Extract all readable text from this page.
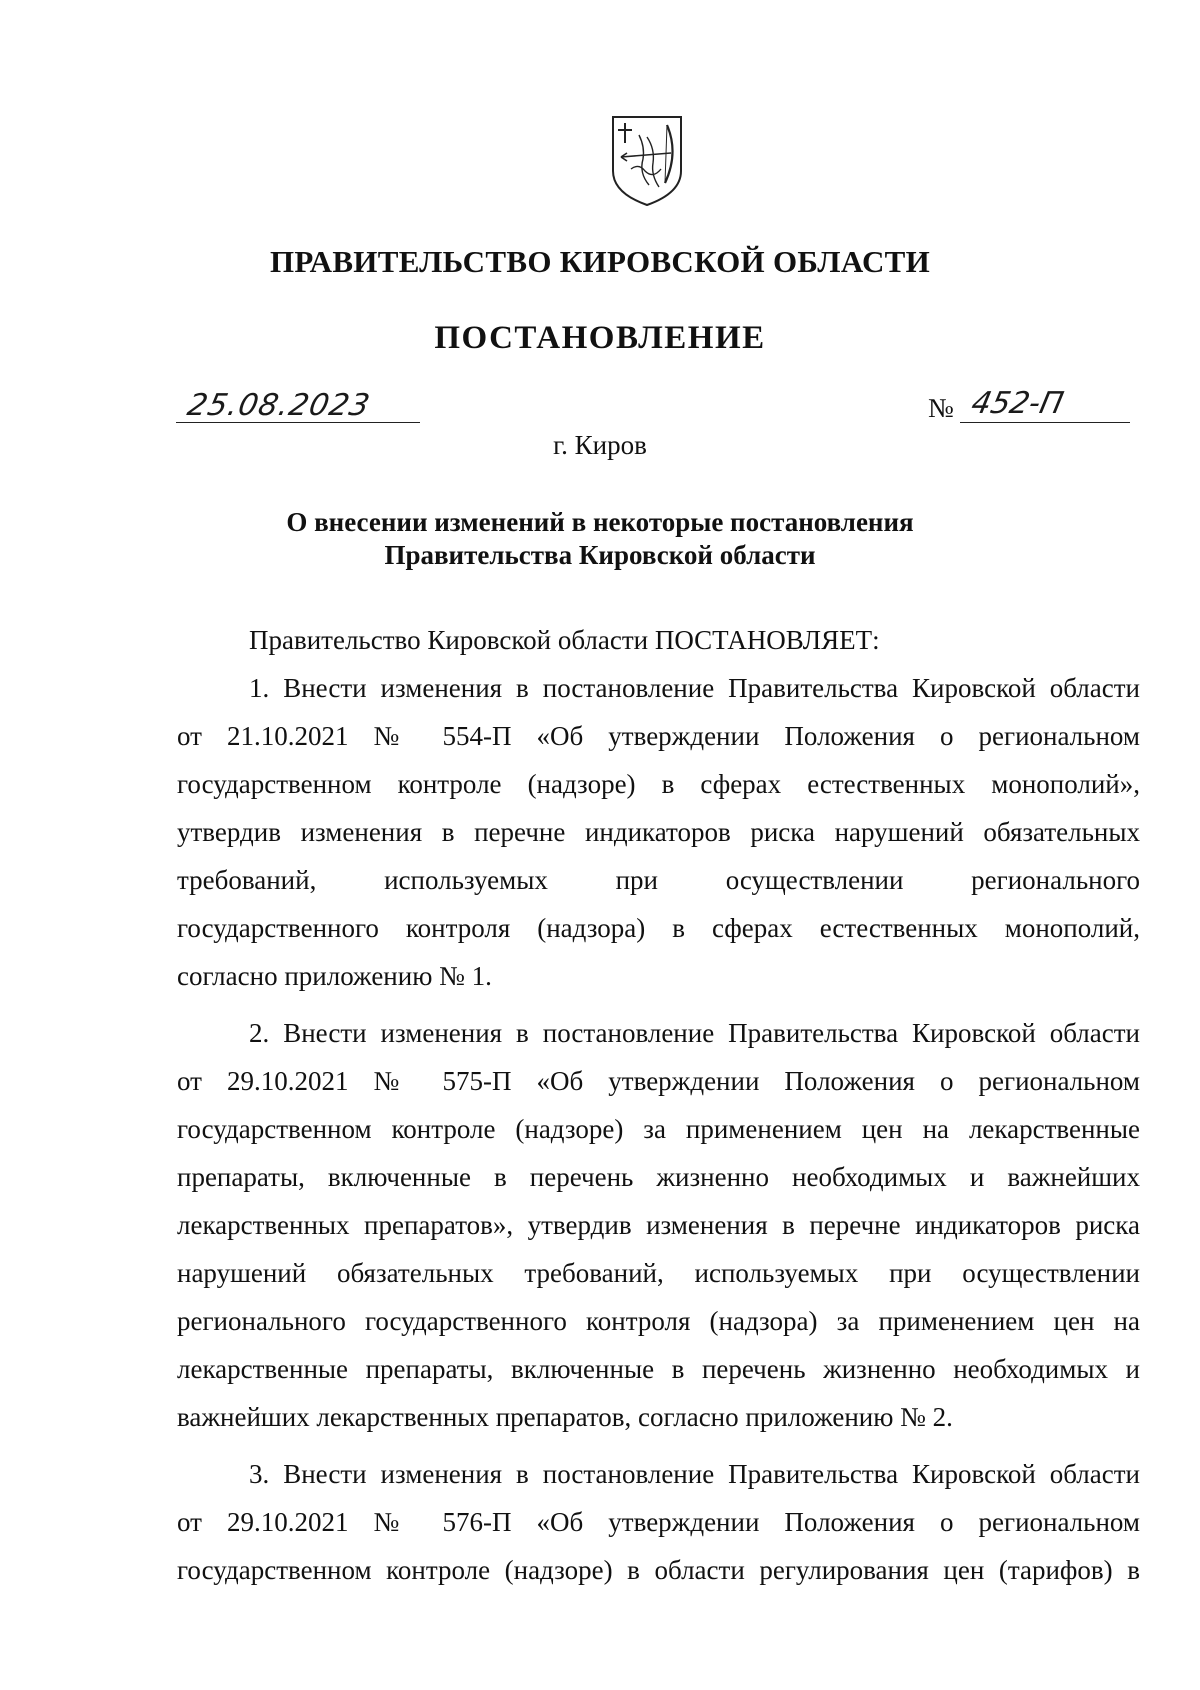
ПРАВИТЕЛЬСТВО КИРОВСКОЙ ОБЛАСТИ
ПОСТАНОВЛЕНИЕ
25.08.2023	№ 452-П
г. Киров
О внесении изменений в некоторые постановления
Правительства Кировской области
Правительство Кировской области ПОСТАНОВЛЯЕТ:
1. Внести изменения в постановление Правительства Кировской области
от 21.10.2021 № 554-П «Об утверждении Положения о региональном
государственном контроле (надзоре) в сферах естественных монополий»,
утвердив изменения в перечне индикаторов риска нарушений обязательных
требований, используемых при осуществлении регионального
государственного контроля (надзора) в сферах естественных монополий,
согласно приложению № 1.
2. Внести изменения в постановление Правительства Кировской области
от 29.10.2021 № 575-П «Об утверждении Положения о региональном
государственном контроле (надзоре) за применением цен на лекарственные
препараты, включенные в перечень жизненно необходимых и важнейших
лекарственных препаратов», утвердив изменения в перечне индикаторов риска
нарушений обязательных требований, используемых при осуществлении
регионального государственного контроля (надзора) за применением цен на
лекарственные препараты, включенные в перечень жизненно необходимых и
важнейших лекарственных препаратов, согласно приложению № 2.
3. Внести изменения в постановление Правительства Кировской области
от 29.10.2021 № 576-П «Об утверждении Положения о региональном
государственном контроле (надзоре) в области регулирования цен (тарифов) в
